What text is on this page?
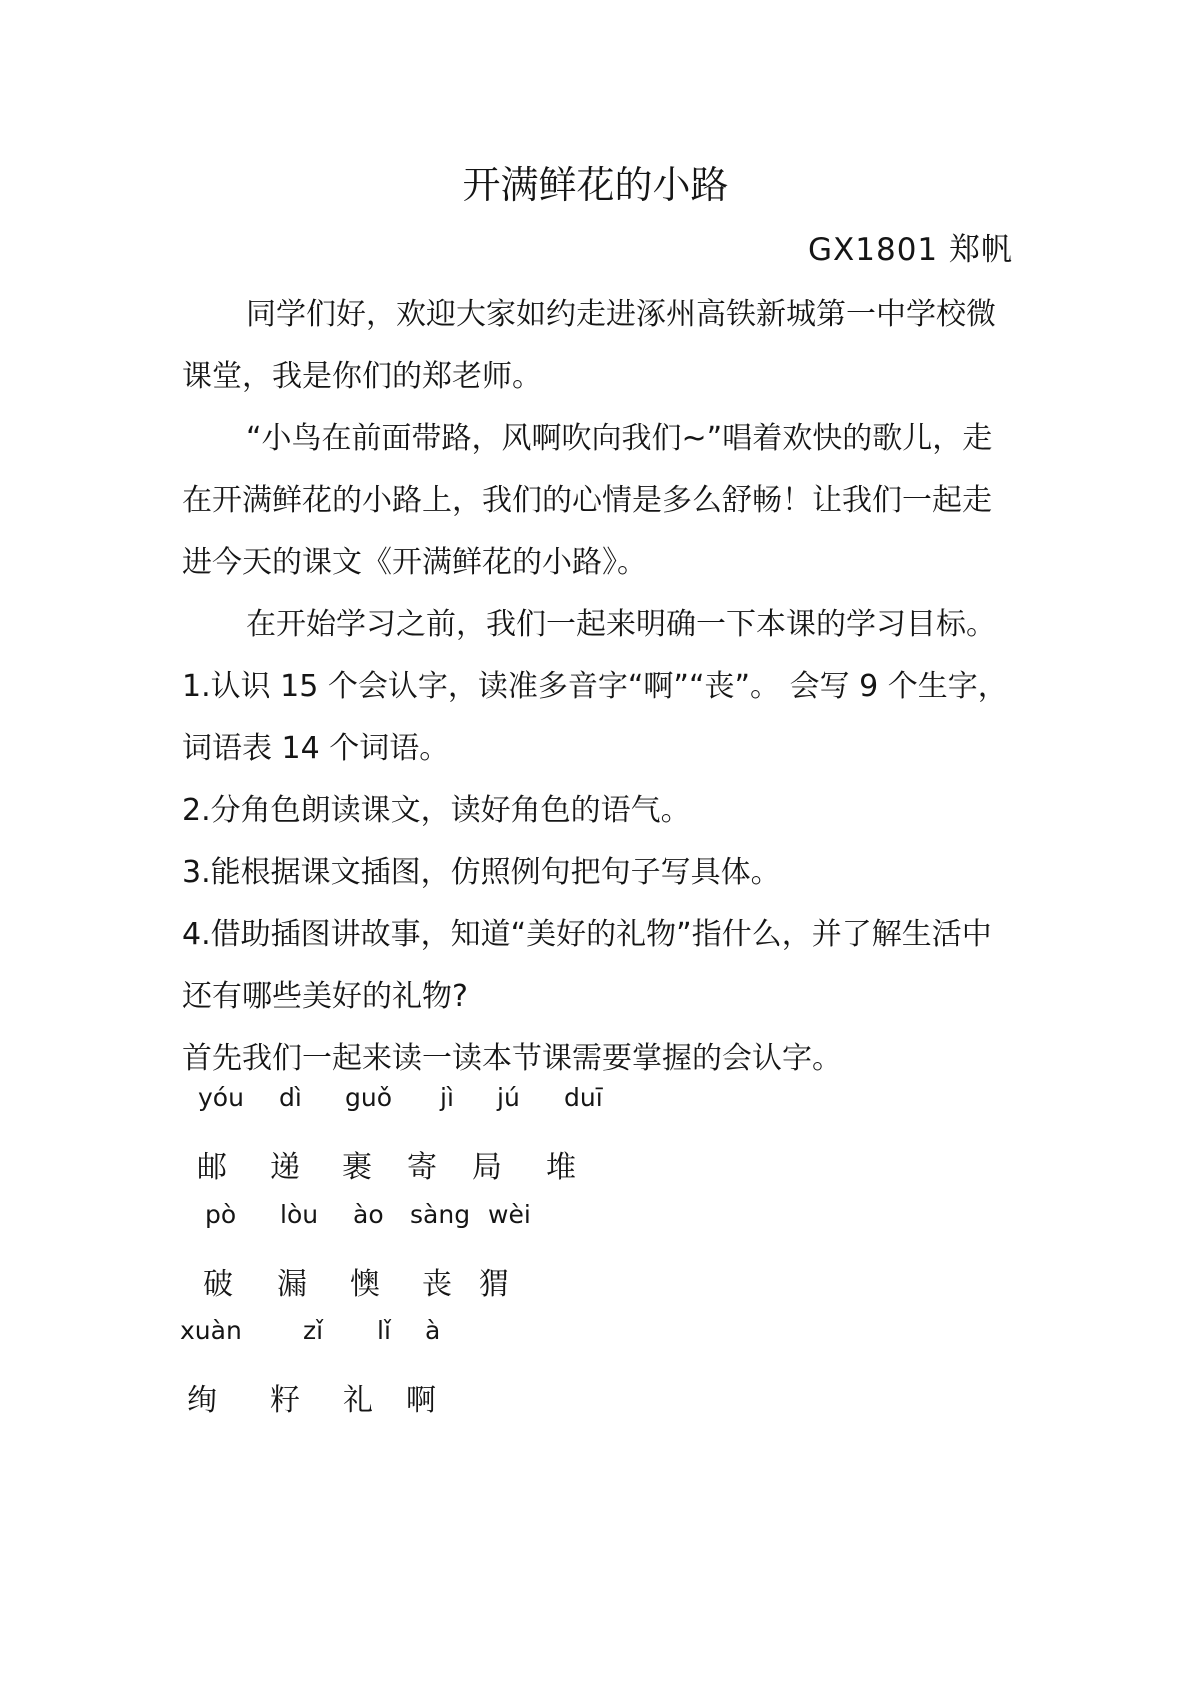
开满鲜花的小路
GX1801 郑帆

同学们好，欢迎大家如约走进涿州高铁新城第一中学校微课堂，我是你们的郑老师。

“小鸟在前面带路，风啊吹向我们~”唱着欢快的歌儿，走在开满鲜花的小路上，我们的心情是多么舒畅！让我们一起走进今天的课文《开满鲜花的小路》。

在开始学习之前，我们一起来明确一下本课的学习目标。

1.认识 15 个会认字，读准多音字“啊”“丧”。 会写 9 个生字，词语表 14 个词语。

2.分角色朗读课文，读好角色的语气。

3.能根据课文插图，仿照例句把句子写具体。

4.借助插图讲故事，知道“美好的礼物”指什么，并了解生活中还有哪些美好的礼物?

首先我们一起来读一读本节课需要掌握的会认字。

yóu dì guǒ jì jú duī
邮 递 裹 寄 局 堆
pò lòu ào sàng wèi
破 漏 懊 丧 猬
xuàn zǐ lǐ à
绚 籽 礼 啊
